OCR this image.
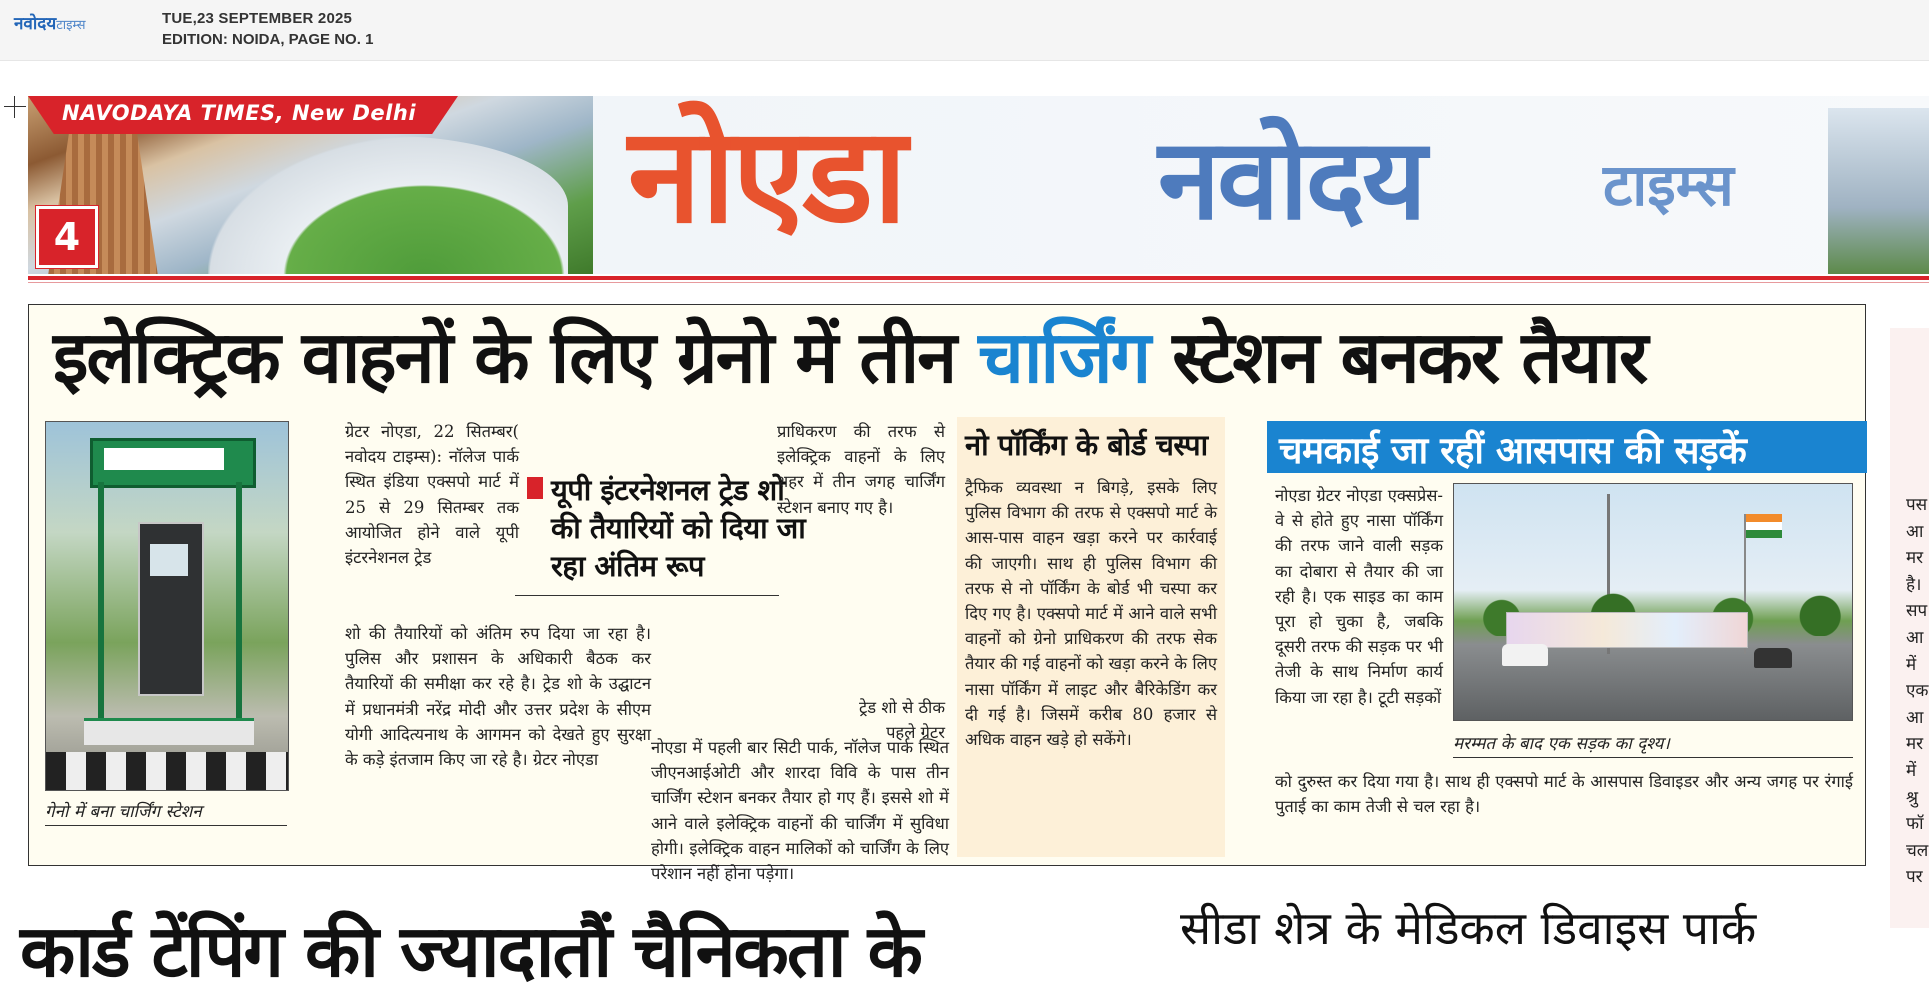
नवोदयटाइम्स	TUE,23 SEPTEMBER 2025
EDITION: NOIDA, PAGE NO. 1
NAVODAYA TIMES, New Delhi
4	नोएडा नवोदय	टाइम्स
इलेक्ट्रिक वाहनों के लिए ग्रेनो में तीन चार्जिंग स्टेशन बनकर तैयार
गेनो में बना चार्जिंग स्टेशन
ग्रेटर नोएडा, 22 सितम्बर( नवोदय टाइम्स): नॉलेज पार्क स्थित इंडिया एक्सपो मार्ट में 25 से 29 सितम्बर तक आयोजित होने वाले यूपी इंटरनेशनल ट्रेड
यूपी इंटरनेशनल ट्रेड शो की तैयारियों को दिया जा रहा अंतिम रूप
शो की तैयारियों को अंतिम रुप दिया जा रहा है। पुलिस और प्रशासन के अधिकारी बैठक कर तैयारियों की समीक्षा कर रहे है। ट्रेड शो के उद्घाटन में प्रधानमंत्री नरेंद्र मोदी और उत्तर प्रदेश के सीएम योगी आदित्यनाथ के आगमन को देखते हुए सुरक्षा के कड़े इंतजाम किए जा रहे है। ग्रेटर नोएडा
प्राधिकरण की तरफ से इलेक्ट्रिक वाहनों के लिए शहर में तीन जगह चार्जिंग स्टेशन बनाए गए है।
ट्रेड शो से ठीक पहले ग्रेटर
नोएडा में पहली बार सिटी पार्क, नॉलेज पार्क स्थित जीएनआईओटी और शारदा विवि के पास तीन चार्जिंग स्टेशन बनकर तैयार हो गए हैं। इससे शो में आने वाले इलेक्ट्रिक वाहनों की चार्जिंग में सुविधा होगी। इलेक्ट्रिक वाहन मालिकों को चार्जिंग के लिए परेशान नहीं होना पड़ेगा।
नो पॉर्किंग के बोर्ड चस्पा
ट्रैफिक व्यवस्था न बिगड़े, इसके लिए पुलिस विभाग की तरफ से एक्सपो मार्ट के आस-पास वाहन खड़ा करने पर कार्रवाई की जाएगी। साथ ही पुलिस विभाग की तरफ से नो पॉर्किंग के बोर्ड भी चस्पा कर दिए गए है। एक्सपो मार्ट में आने वाले सभी वाहनों को ग्रेनो प्राधिकरण की तरफ सेक तैयार की गई वाहनों को खड़ा करने के लिए नासा पॉर्किंग में लाइट और बैरिकेडिंग कर दी गई है। जिसमें करीब 80 हजार से अधिक वाहन खड़े हो सकेंगे।
चमकाई जा रहीं आसपास की सड़कें
नोएडा ग्रेटर नोएडा एक्सप्रेस-वे से होते हुए नासा पॉर्किंग की तरफ जाने वाली सड़क का दोबारा से तैयार की जा रही है। एक साइड का काम पूरा हो चुका है, जबकि दूसरी तरफ की सड़क पर भी तेजी के साथ निर्माण कार्य किया जा रहा है। टूटी सड़कों
मरम्मत के बाद एक सड़क का दृश्य।
को दुरुस्त कर दिया गया है। साथ ही एक्सपो मार्ट के आसपास डिवाइडर और अन्य जगह पर रंगाई पुताई का काम तेजी से चल रहा है।
पस
आ
मर
है।
सप
आ
में
एक
आ
मर
में
श्रु
फॉ
चल
पर
कार्ड टेंपिंग की ज्यादातौं चैनिकता के	सीडा शेत्र के मेडिकल डिवाइस पार्क
